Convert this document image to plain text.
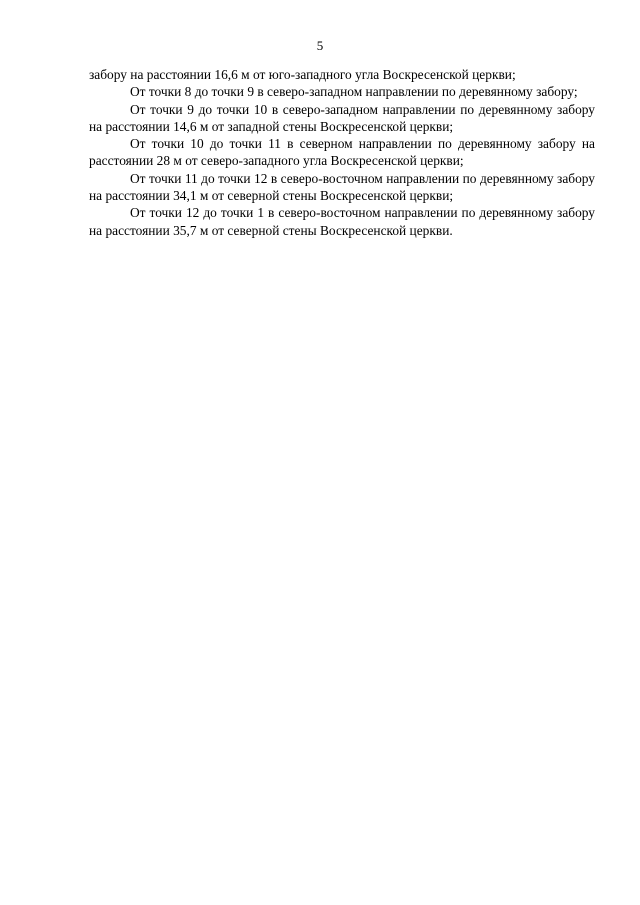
5

забору на расстоянии 16,6 м от юго-западного угла Воскресенской церкви;

От точки 8 до точки 9 в северо-западном направлении по деревянному забору;

От точки 9 до точки 10 в северо-западном направлении по деревянному забору на расстоянии 14,6 м от западной стены Воскресенской церкви;

От точки 10 до точки 11 в северном направлении по деревянному забору на расстоянии 28 м от северо-западного угла Воскресенской церкви;

От точки 11 до точки 12 в северо-восточном направлении по деревянному забору на расстоянии 34,1 м от северной стены Воскресенской церкви;

От точки 12 до точки 1 в северо-восточном направлении по деревянному забору на расстоянии 35,7 м от северной стены Воскресенской церкви.
